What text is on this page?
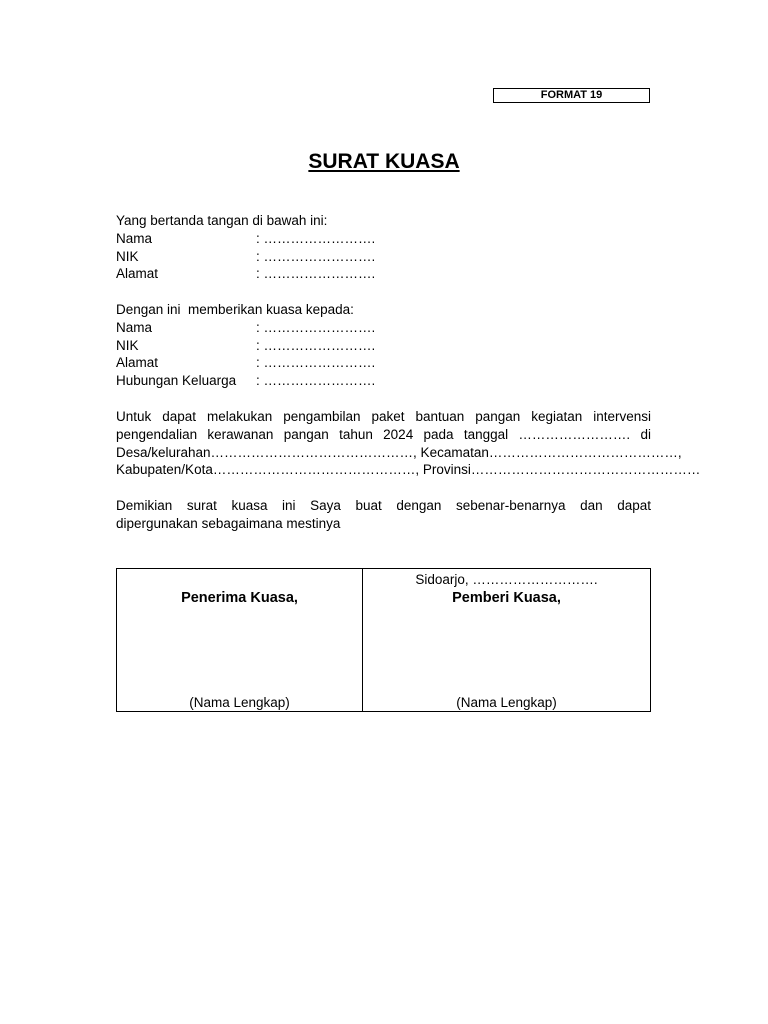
FORMAT 19
SURAT KUASA
Yang bertanda tangan di bawah ini:
Nama	: …………………….
NIK	: …………………….
Alamat	: …………………….
Dengan ini  memberikan kuasa kepada:
Nama	: …………………….
NIK	: …………………….
Alamat	: …………………….
Hubungan Keluarga	: …………………….
Untuk dapat melakukan pengambilan paket bantuan pangan kegiatan intervensi
pengendalian kerawanan pangan tahun 2024 pada tanggal ……………………. di
Desa/kelurahan………………………………………, Kecamatan……………………………………,
Kabupaten/Kota………………………………………, Provinsi……………………………………………
Demikian surat kuasa ini Saya buat dengan sebenar-benarnya dan dapat
dipergunakan sebagaimana mestinya
Penerima Kuasa,
(Nama Lengkap)
Sidoarjo, ……………………….
Pemberi Kuasa,
(Nama Lengkap)
